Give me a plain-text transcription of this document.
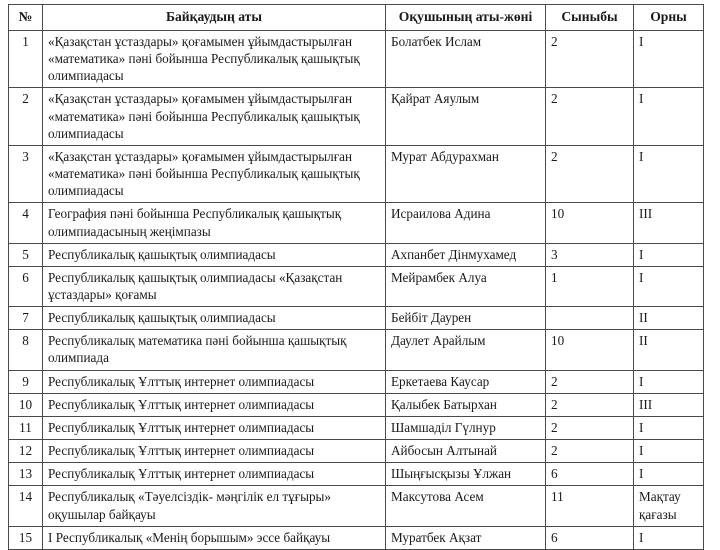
№	Байқаудың аты	Оқушының аты-жөні	Сыныбы	Орны
1	«Қазақстан ұстаздары» қоғамымен ұйымдастырылған «математика» пәні бойынша Республикалық қашықтық олимпиадасы	Болатбек Ислам	2	I
2	«Қазақстан ұстаздары» қоғамымен ұйымдастырылған «математика» пәні бойынша Республикалық қашықтық олимпиадасы	Қайрат Аяулым	2	I
3	«Қазақстан ұстаздары» қоғамымен ұйымдастырылған «математика» пәні бойынша Республикалық қашықтық олимпиадасы	Мурат Абдурахман	2	I
4	География пәні бойынша Республикалық қашықтық олимпиадасының жеңімпазы	Исраилова Адина	10	III
5	Республикалық қашықтық олимпиадасы	Ахпанбет Дінмухамед	3	I
6	Республикалық қашықтық олимпиадасы «Қазақстан ұстаздары» қоғамы	Мейрамбек Алуа	1	I
7	Республикалық қашықтық олимпиадасы	Бейбіт Даурен		II
8	Республикалық математика пәні бойынша қашықтық олимпиада	Даулет Арайлым	10	II
9	Республикалық Ұлттық интернет олимпиадасы	Еркетаева Каусар	2	I
10	Республикалық Ұлттық интернет олимпиадасы	Қалыбек Батырхан	2	III
11	Республикалық Ұлттық интернет олимпиадасы	Шамшаділ Гүлнур	2	I
12	Республикалық Ұлттық интернет олимпиадасы	Айбосын Алтынай	2	I
13	Республикалық Ұлттық интернет олимпиадасы	Шыңғысқызы Ұлжан	6	I
14	Республикалық «Тәуелсіздік- мәңгілік ел тұғыры» оқушылар байқауы	Максутова Асем	11	Мақтау қағазы
15	I Республикалық «Менің борышым» эссе байқауы	Муратбек Ақзат	6	I
